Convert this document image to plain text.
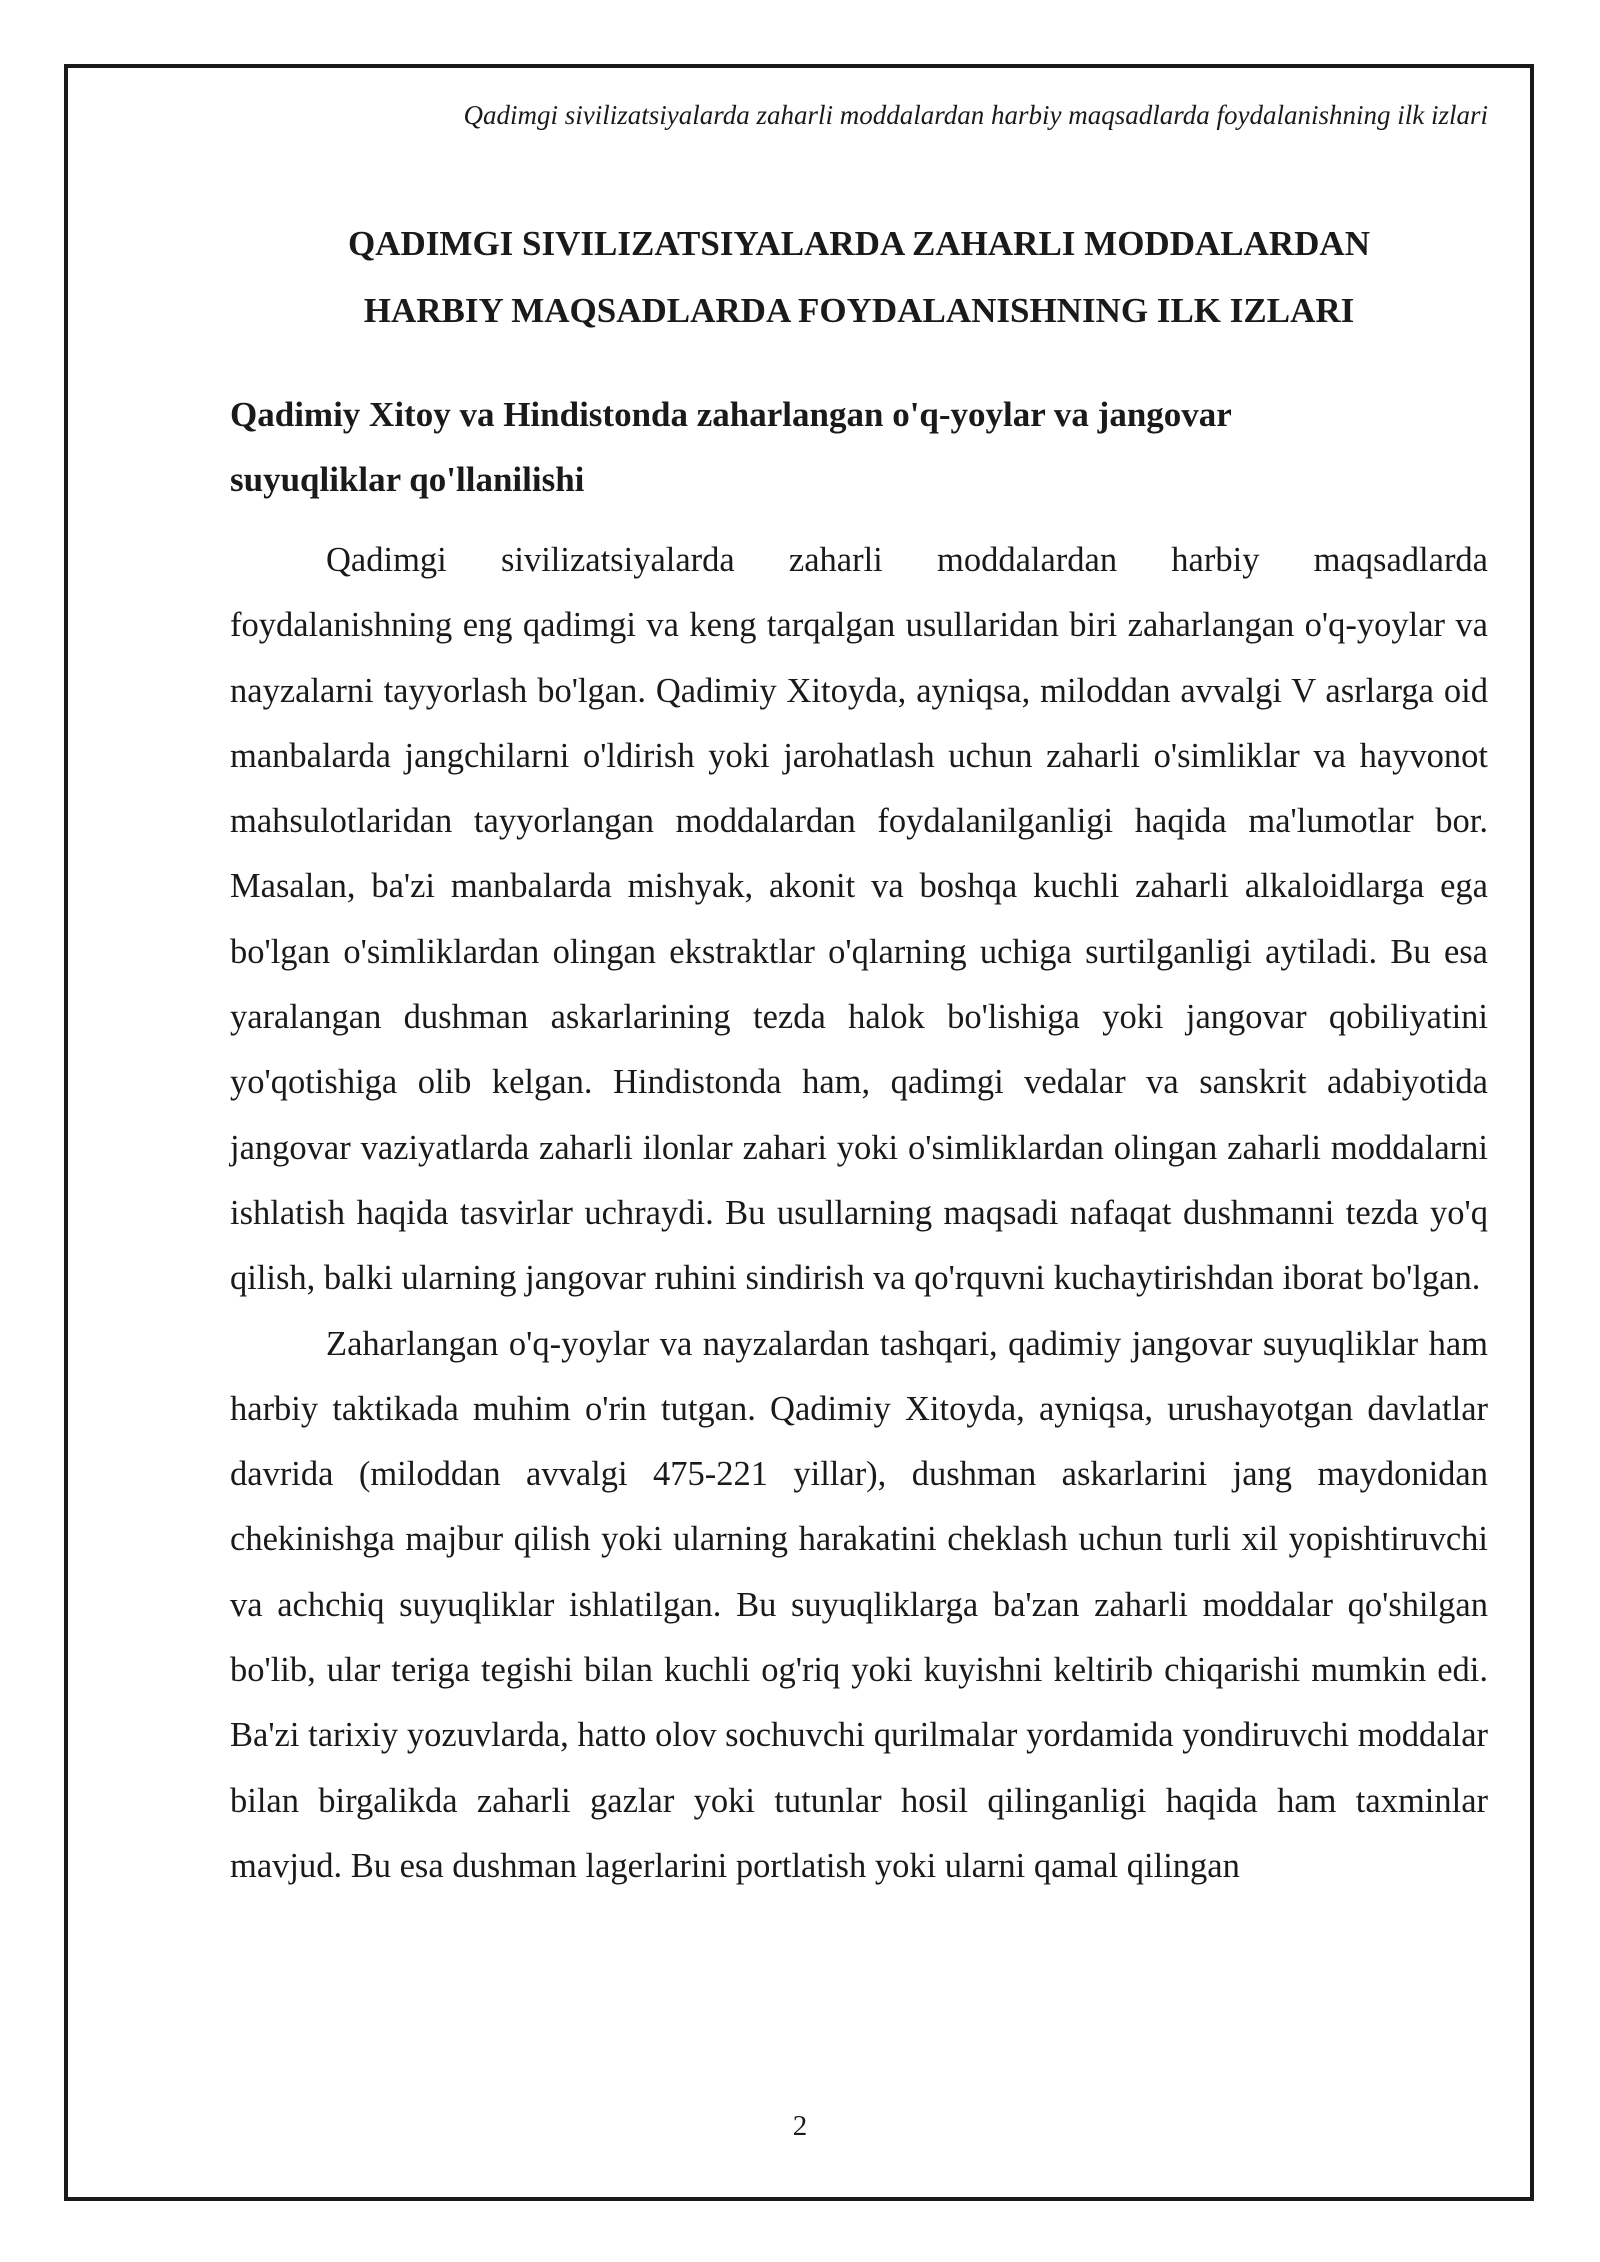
Qadimgi sivilizatsiyalarda zaharli moddalardan harbiy maqsadlarda foydalanishning ilk izlari
QADIMGI SIVILIZATSIYALARDA ZAHARLI MODDALARDAN
HARBIY MAQSADLARDA FOYDALANISHNING ILK IZLARI
Qadimiy Xitoy va Hindistonda zaharlangan o'q-yoylar va jangovar
suyuqliklar qo'llanilishi

Qadimgi sivilizatsiyalarda zaharli moddalardan harbiy maqsadlarda foydalanishning eng qadimgi va keng tarqalgan usullaridan biri zaharlangan o'q-yoylar va nayzalarni tayyorlash bo'lgan. Qadimiy Xitoyda, ayniqsa, miloddan avvalgi V asrlarga oid manbalarda jangchilarni o'ldirish yoki jarohatlash uchun zaharli o'simliklar va hayvonot mahsulotlaridan tayyorlangan moddalardan foydalanilganligi haqida ma'lumotlar bor. Masalan, ba'zi manbalarda mishyak, akonit va boshqa kuchli zaharli alkaloidlarga ega bo'lgan o'simliklardan olingan ekstraktlar o'qlarning uchiga surtilganligi aytiladi. Bu esa yaralangan dushman askarlarining tezda halok bo'lishiga yoki jangovar qobiliyatini yo'qotishiga olib kelgan. Hindistonda ham, qadimgi vedalar va sanskrit adabiyotida jangovar vaziyatlarda zaharli ilonlar zahari yoki o'simliklardan olingan zaharli moddalarni ishlatish haqida tasvirlar uchraydi. Bu usullarning maqsadi nafaqat dushmanni tezda yo'q qilish, balki ularning jangovar ruhini sindirish va qo'rquvni kuchaytirishdan iborat bo'lgan.

Zaharlangan o'q-yoylar va nayzalardan tashqari, qadimiy jangovar suyuqliklar ham harbiy taktikada muhim o'rin tutgan. Qadimiy Xitoyda, ayniqsa, urushayotgan davlatlar davrida (miloddan avvalgi 475-221 yillar), dushman askarlarini jang maydonidan chekinishga majbur qilish yoki ularning harakatini cheklash uchun turli xil yopishtiruvchi va achchiq suyuqliklar ishlatilgan. Bu suyuqliklarga ba'zan zaharli moddalar qo'shilgan bo'lib, ular teriga tegishi bilan kuchli og'riq yoki kuyishni keltirib chiqarishi mumkin edi. Ba'zi tarixiy yozuvlarda, hatto olov sochuvchi qurilmalar yordamida yondiruvchi moddalar bilan birgalikda zaharli gazlar yoki tutunlar hosil qilinganligi haqida ham taxminlar mavjud. Bu esa dushman lagerlarini portlatish yoki ularni qamal qilingan

2
